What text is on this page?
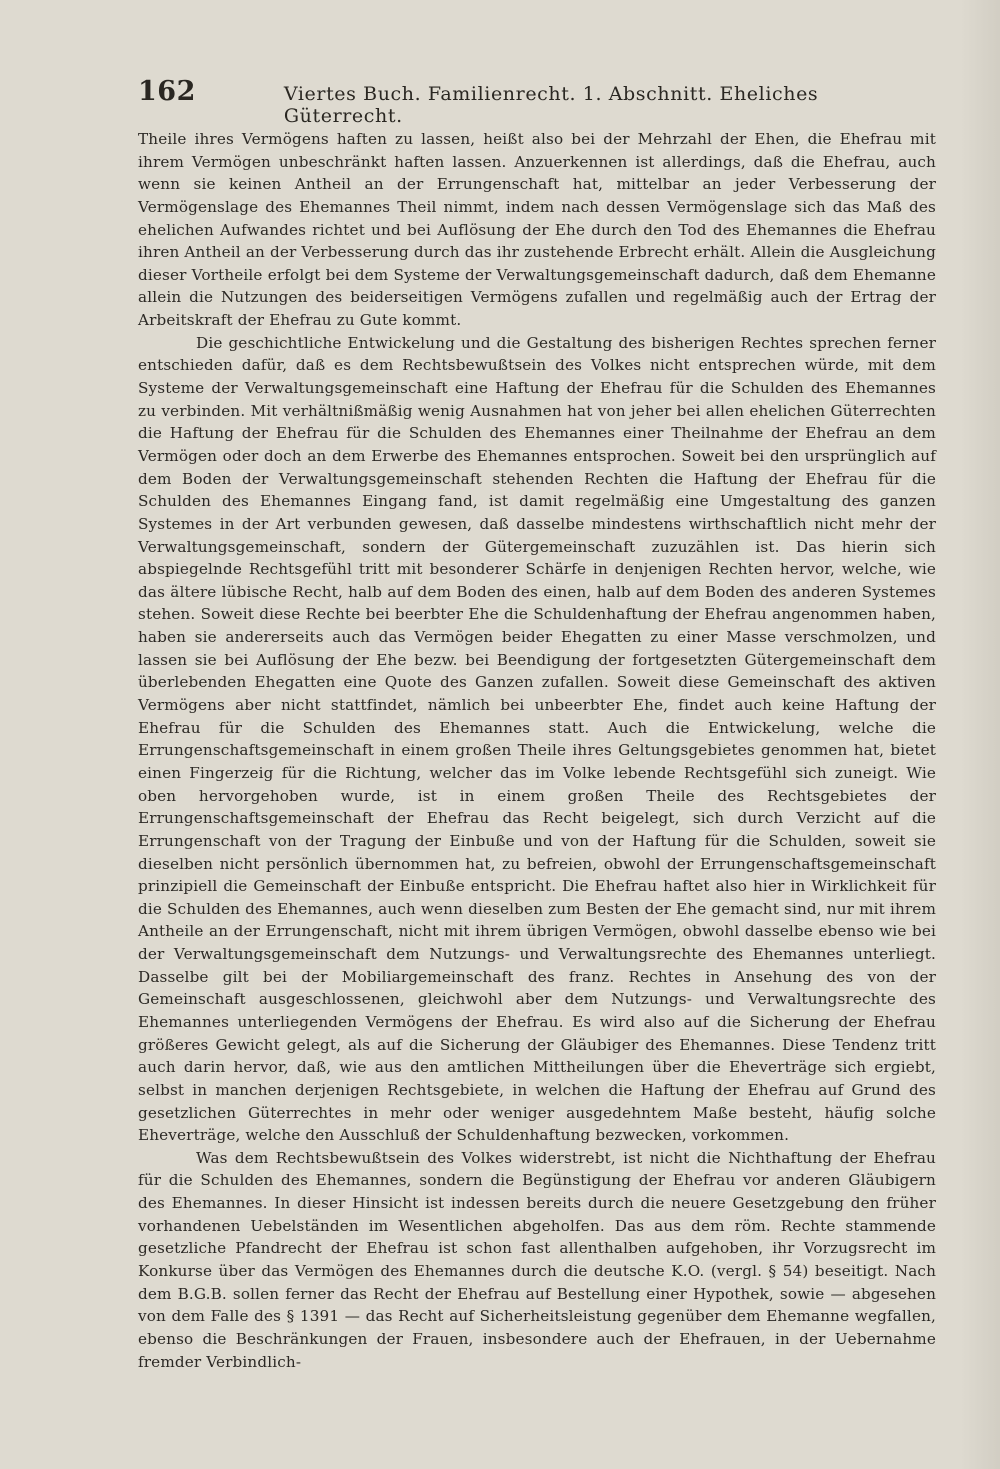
162	Viertes Buch. Familienrecht. 1. Abschnitt. Eheliches Güterrecht.

Theile ihres Vermögens haften zu lassen, heißt also bei der Mehrzahl der Ehen, die Ehefrau mit ihrem Vermögen unbeschränkt haften lassen. Anzuerkennen ist allerdings, daß die Ehefrau, auch wenn sie keinen Antheil an der Errungenschaft hat, mittelbar an jeder Verbesserung der Vermögenslage des Ehemannes Theil nimmt, indem nach dessen Vermögenslage sich das Maß des ehelichen Aufwandes richtet und bei Auflösung der Ehe durch den Tod des Ehemannes die Ehefrau ihren Antheil an der Verbesserung durch das ihr zustehende Erbrecht erhält. Allein die Ausgleichung dieser Vortheile erfolgt bei dem Systeme der Verwaltungsgemeinschaft dadurch, daß dem Ehemanne allein die Nutzungen des beiderseitigen Vermögens zufallen und regelmäßig auch der Ertrag der Arbeitskraft der Ehefrau zu Gute kommt.

Die geschichtliche Entwickelung und die Gestaltung des bisherigen Rechtes sprechen ferner entschieden dafür, daß es dem Rechtsbewußtsein des Volkes nicht entsprechen würde, mit dem Systeme der Verwaltungsgemeinschaft eine Haftung der Ehefrau für die Schulden des Ehemannes zu verbinden. Mit verhältnißmäßig wenig Ausnahmen hat von jeher bei allen ehelichen Güterrechten die Haftung der Ehefrau für die Schulden des Ehemannes einer Theilnahme der Ehefrau an dem Vermögen oder doch an dem Erwerbe des Ehemannes entsprochen. Soweit bei den ursprünglich auf dem Boden der Verwaltungsgemeinschaft stehenden Rechten die Haftung der Ehefrau für die Schulden des Ehemannes Eingang fand, ist damit regelmäßig eine Umgestaltung des ganzen Systemes in der Art verbunden gewesen, daß dasselbe mindestens wirthschaftlich nicht mehr der Verwaltungsgemeinschaft, sondern der Gütergemeinschaft zuzuzählen ist. Das hierin sich abspiegelnde Rechtsgefühl tritt mit besonderer Schärfe in denjenigen Rechten hervor, welche, wie das ältere lübische Recht, halb auf dem Boden des einen, halb auf dem Boden des anderen Systemes stehen. Soweit diese Rechte bei beerbter Ehe die Schuldenhaftung der Ehefrau angenommen haben, haben sie andererseits auch das Vermögen beider Ehegatten zu einer Masse verschmolzen, und lassen sie bei Auflösung der Ehe bezw. bei Beendigung der fortgesetzten Gütergemeinschaft dem überlebenden Ehegatten eine Quote des Ganzen zufallen. Soweit diese Gemeinschaft des aktiven Vermögens aber nicht stattfindet, nämlich bei unbeerbter Ehe, findet auch keine Haftung der Ehefrau für die Schulden des Ehemannes statt. Auch die Entwickelung, welche die Errungenschaftsgemeinschaft in einem großen Theile ihres Geltungsgebietes genommen hat, bietet einen Fingerzeig für die Richtung, welcher das im Volke lebende Rechtsgefühl sich zuneigt. Wie oben hervorgehoben wurde, ist in einem großen Theile des Rechtsgebietes der Errungenschaftsgemeinschaft der Ehefrau das Recht beigelegt, sich durch Verzicht auf die Errungenschaft von der Tragung der Einbuße und von der Haftung für die Schulden, soweit sie dieselben nicht persönlich übernommen hat, zu befreien, obwohl der Errungenschaftsgemeinschaft prinzipiell die Gemeinschaft der Einbuße entspricht. Die Ehefrau haftet also hier in Wirklichkeit für die Schulden des Ehemannes, auch wenn dieselben zum Besten der Ehe gemacht sind, nur mit ihrem Antheile an der Errungenschaft, nicht mit ihrem übrigen Vermögen, obwohl dasselbe ebenso wie bei der Verwaltungsgemeinschaft dem Nutzungs- und Verwaltungsrechte des Ehemannes unterliegt. Dasselbe gilt bei der Mobiliargemeinschaft des franz. Rechtes in Ansehung des von der Gemeinschaft ausgeschlossenen, gleichwohl aber dem Nutzungs- und Verwaltungsrechte des Ehemannes unterliegenden Vermögens der Ehefrau. Es wird also auf die Sicherung der Ehefrau größeres Gewicht gelegt, als auf die Sicherung der Gläubiger des Ehemannes. Diese Tendenz tritt auch darin hervor, daß, wie aus den amtlichen Mittheilungen über die Eheverträge sich ergiebt, selbst in manchen derjenigen Rechtsgebiete, in welchen die Haftung der Ehefrau auf Grund des gesetzlichen Güterrechtes in mehr oder weniger ausgedehntem Maße besteht, häufig solche Eheverträge, welche den Ausschluß der Schuldenhaftung bezwecken, vorkommen.

Was dem Rechtsbewußtsein des Volkes widerstrebt, ist nicht die Nichthaftung der Ehefrau für die Schulden des Ehemannes, sondern die Begünstigung der Ehefrau vor anderen Gläubigern des Ehemannes. In dieser Hinsicht ist indessen bereits durch die neuere Gesetzgebung den früher vorhandenen Uebelständen im Wesentlichen abgeholfen. Das aus dem röm. Rechte stammende gesetzliche Pfandrecht der Ehefrau ist schon fast allenthalben aufgehoben, ihr Vorzugsrecht im Konkurse über das Vermögen des Ehemannes durch die deutsche K.O. (vergl. § 54) beseitigt. Nach dem B.G.B. sollen ferner das Recht der Ehefrau auf Bestellung einer Hypothek, sowie — abgesehen von dem Falle des § 1391 — das Recht auf Sicherheitsleistung gegenüber dem Ehemanne wegfallen, ebenso die Beschränkungen der Frauen, insbesondere auch der Ehefrauen, in der Uebernahme fremder Verbindlich-
